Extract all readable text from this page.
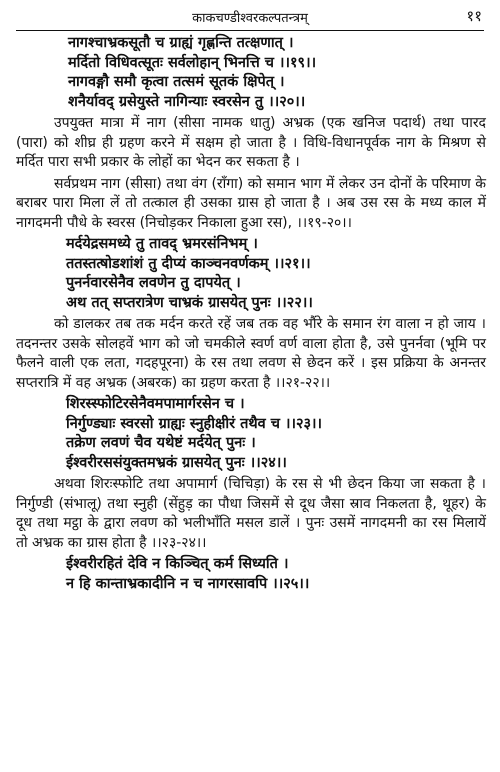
काकचण्डीश्वरकल्पतन्त्रम्	११
नागश्चाभ्रकसूतौ च ग्राह्यं गृह्णन्ति तत्क्षणात् ।
मर्दितो विधिवत्सूतः सर्वलोहान् भिनत्ति च ।।१९।।
नागवङ्गौ समौ कृत्वा तत्समं सूतकं क्षिपेत् ।
शनैर्यावद् ग्रसेयुस्ते नागिन्याः स्वरसेन तु ।।२०।।

उपयुक्त मात्रा में नाग (सीसा नामक धातु) अभ्रक (एक खनिज पदार्थ) तथा पारद (पारा) को शीघ्र ही ग्रहण करने में सक्षम हो जाता है । विधि-विधानपूर्वक नाग के मिश्रण से मर्दित पारा सभी प्रकार के लोहों का भेदन कर सकता है ।

सर्वप्रथम नाग (सीसा) तथा वंग (राँगा) को समान भाग में लेकर उन दोनों के परिमाण के बराबर पारा मिला लें तो तत्काल ही उसका ग्रास हो जाता है । अब उस रस के मध्य काल में नागदमनी पौधे के स्वरस (निचोड़कर निकाला हुआ रस), ।।१९-२०।।

मर्दयेद्रसमध्ये तु तावद् भ्रमरसंनिभम् ।
ततस्तत्षोडशांशं तु दीप्यं काञ्चनवर्णकम् ।।२१।।
पुनर्नवारसेनैव लवणेन तु दापयेत् ।
अथ तत् सप्तरात्रेण चाभ्रकं ग्रासयेत् पुनः ।।२२।।

को डालकर तब तक मर्दन करते रहें जब तक वह भौंरे के समान रंग वाला न हो जाय । तदनन्तर उसके सोलहवें भाग को जो चमकीले स्वर्ण वर्ण वाला होता है, उसे पुनर्नवा (भूमि पर फैलने वाली एक लता, गदहपूरना) के रस तथा लवण से छेदन करें । इस प्रक्रिया के अनन्तर सप्तरात्रि में वह अभ्रक (अबरक) का ग्रहण करता है ।।२१-२२।।

शिरस्स्फोटिरसेनैवमपामार्गरसेन च ।
निर्गुण्ड्याः स्वरसो ग्राह्यः स्नुहीक्षीरं तथैव च ।।२३।।
तक्रेण लवणं चैव यथेष्टं मर्दयेत् पुनः ।
ईश्वरीरससंयुक्तमभ्रकं ग्रासयेत् पुनः ।।२४।।

अथवा शिरःस्फोटि तथा अपामार्ग (चिचिड़ा) के रस से भी छेदन किया जा सकता है । निर्गुण्डी (संभालू) तथा स्नुही (सेंहुड़ का पौधा जिसमें से दूध जैसा स्राव निकलता है, थूहर) के दूध तथा मट्ठा के द्वारा लवण को भलीभाँति मसल डालें । पुनः उसमें नागदमनी का रस मिलायें तो अभ्रक का ग्रास होता है ।।२३-२४।।

ईश्वरीरहितं देवि न किञ्चित् कर्म सिध्यति ।
न हि कान्ताभ्रकादीनि न च नागरसावपि ।।२५।।
